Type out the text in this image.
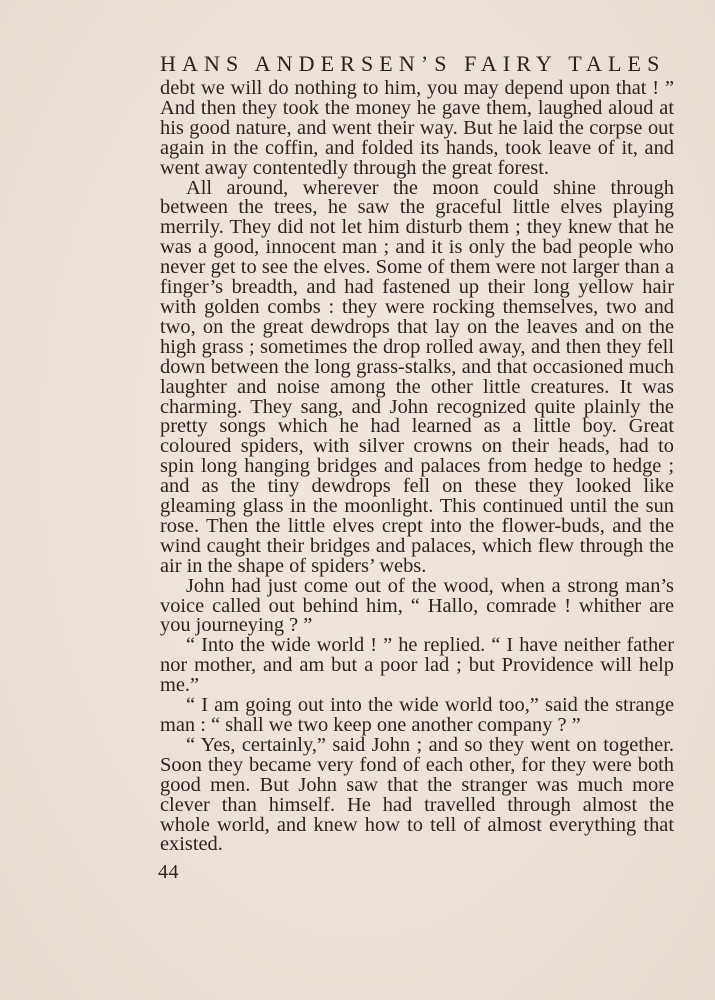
HANS ANDERSEN’S FAIRY TALES

debt we will do nothing to him, you may depend upon that ! ” And then they took the money he gave them, laughed aloud at his good nature, and went their way. But he laid the corpse out again in the coffin, and folded its hands, took leave of it, and went away contentedly through the great forest.

All around, wherever the moon could shine through between the trees, he saw the graceful little elves playing merrily. They did not let him disturb them ; they knew that he was a good, innocent man ; and it is only the bad people who never get to see the elves. Some of them were not larger than a finger’s breadth, and had fastened up their long yellow hair with golden combs : they were rocking themselves, two and two, on the great dewdrops that lay on the leaves and on the high grass ; sometimes the drop rolled away, and then they fell down between the long grass-stalks, and that occasioned much laughter and noise among the other little creatures. It was charming. They sang, and John recognized quite plainly the pretty songs which he had learned as a little boy. Great coloured spiders, with silver crowns on their heads, had to spin long hanging bridges and palaces from hedge to hedge ; and as the tiny dewdrops fell on these they looked like gleaming glass in the moonlight. This continued until the sun rose. Then the little elves crept into the flower-buds, and the wind caught their bridges and palaces, which flew through the air in the shape of spiders’ webs.

John had just come out of the wood, when a strong man’s voice called out behind him, “ Hallo, comrade ! whither are you journeying ? ”

“ Into the wide world ! ” he replied. “ I have neither father nor mother, and am but a poor lad ; but Providence will help me.”

“ I am going out into the wide world too,” said the strange man : “ shall we two keep one another company ? ”

“ Yes, certainly,” said John ; and so they went on together. Soon they became very fond of each other, for they were both good men. But John saw that the stranger was much more clever than himself. He had travelled through almost the whole world, and knew how to tell of almost everything that existed.

44
